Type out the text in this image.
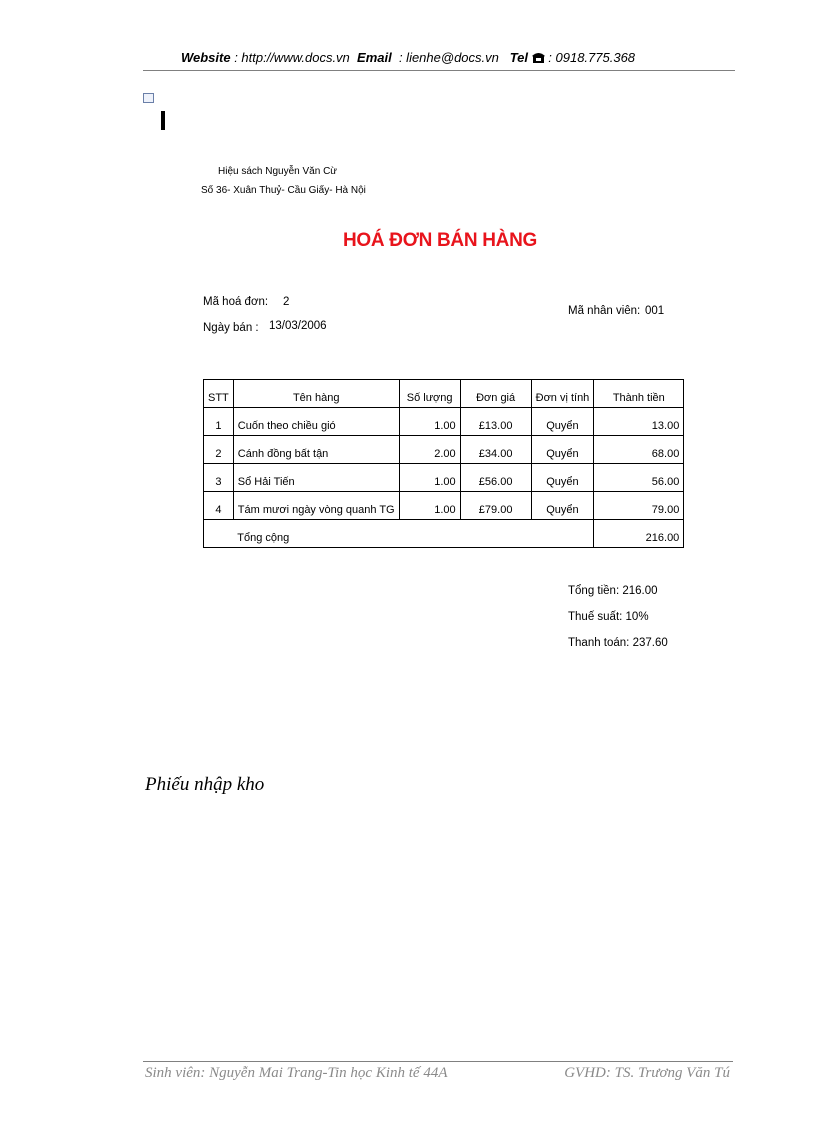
Website : http://www.docs.vn Email : lienhe@docs.vn Tel : 0918.775.368
Hiệu sách Nguyễn Văn Cừ
Số 36- Xuân Thuỷ- Cầu Giấy- Hà Nội
HOÁ ĐƠN BÁN HÀNG
Mã hoá đơn: 2
Ngày bán : 13/03/2006
Mã nhân viên: 001
STT	Tên hàng	Số lượng	Đơn giá	Đơn vị tính	Thành tiền
1	Cuốn theo chiều gió	1.00	£13.00	Quyển	13.00
2	Cánh đồng bất tận	2.00	£34.00	Quyển	68.00
3	Sổ Hải Tiến	1.00	£56.00	Quyển	56.00
4	Tám mươi ngày vòng quanh TG	1.00	£79.00	Quyển	79.00
	Tổng cộng				216.00
Tổng tiền: 216.00
Thuế suất: 10%
Thanh toán: 237.60
Phiếu nhập kho
Sinh viên: Nguyễn Mai Trang-Tin học Kinh tế 44A	GVHD: TS. Trương Văn Tú
